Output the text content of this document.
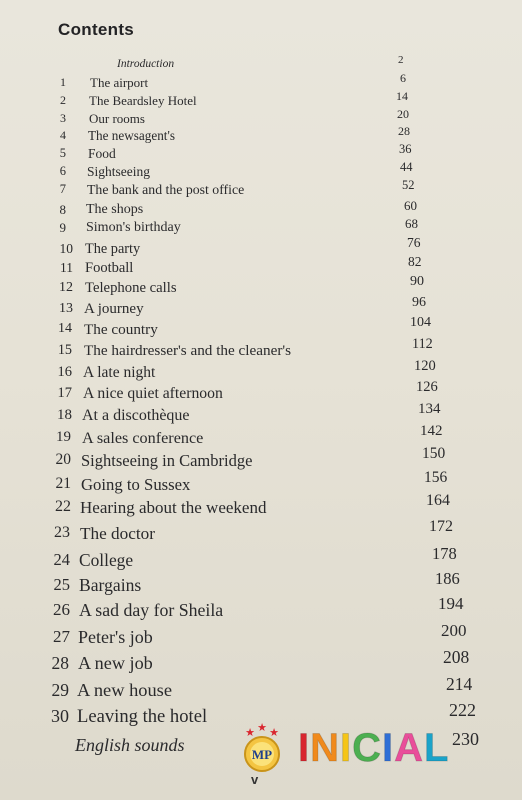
Contents
Introduction	2
1 The airport	6
2 The Beardsley Hotel	14
3 Our rooms	20
4 The newsagent's	28
5 Food	36
6 Sightseeing	44
7 The bank and the post office	52
8 The shops	60
9 Simon's birthday	68
10 The party	76
11 Football	82
12 Telephone calls	90
13 A journey	96
14 The country	104
15 The hairdresser's and the cleaner's	112
16 A late night	120
17 A nice quiet afternoon	126
18 At a discothèque	134
19 A sales conference	142
20 Sightseeing in Cambridge	150
21 Going to Sussex	156
22 Hearing about the weekend	164
23 The doctor	172
24 College	178
25 Bargains	186
26 A sad day for Sheila	194
27 Peter's job	200
28 A new job	208
29 A new house	214
30 Leaving the hotel	222
English sounds	230
v
★ ★ ★
MP INICIAL
